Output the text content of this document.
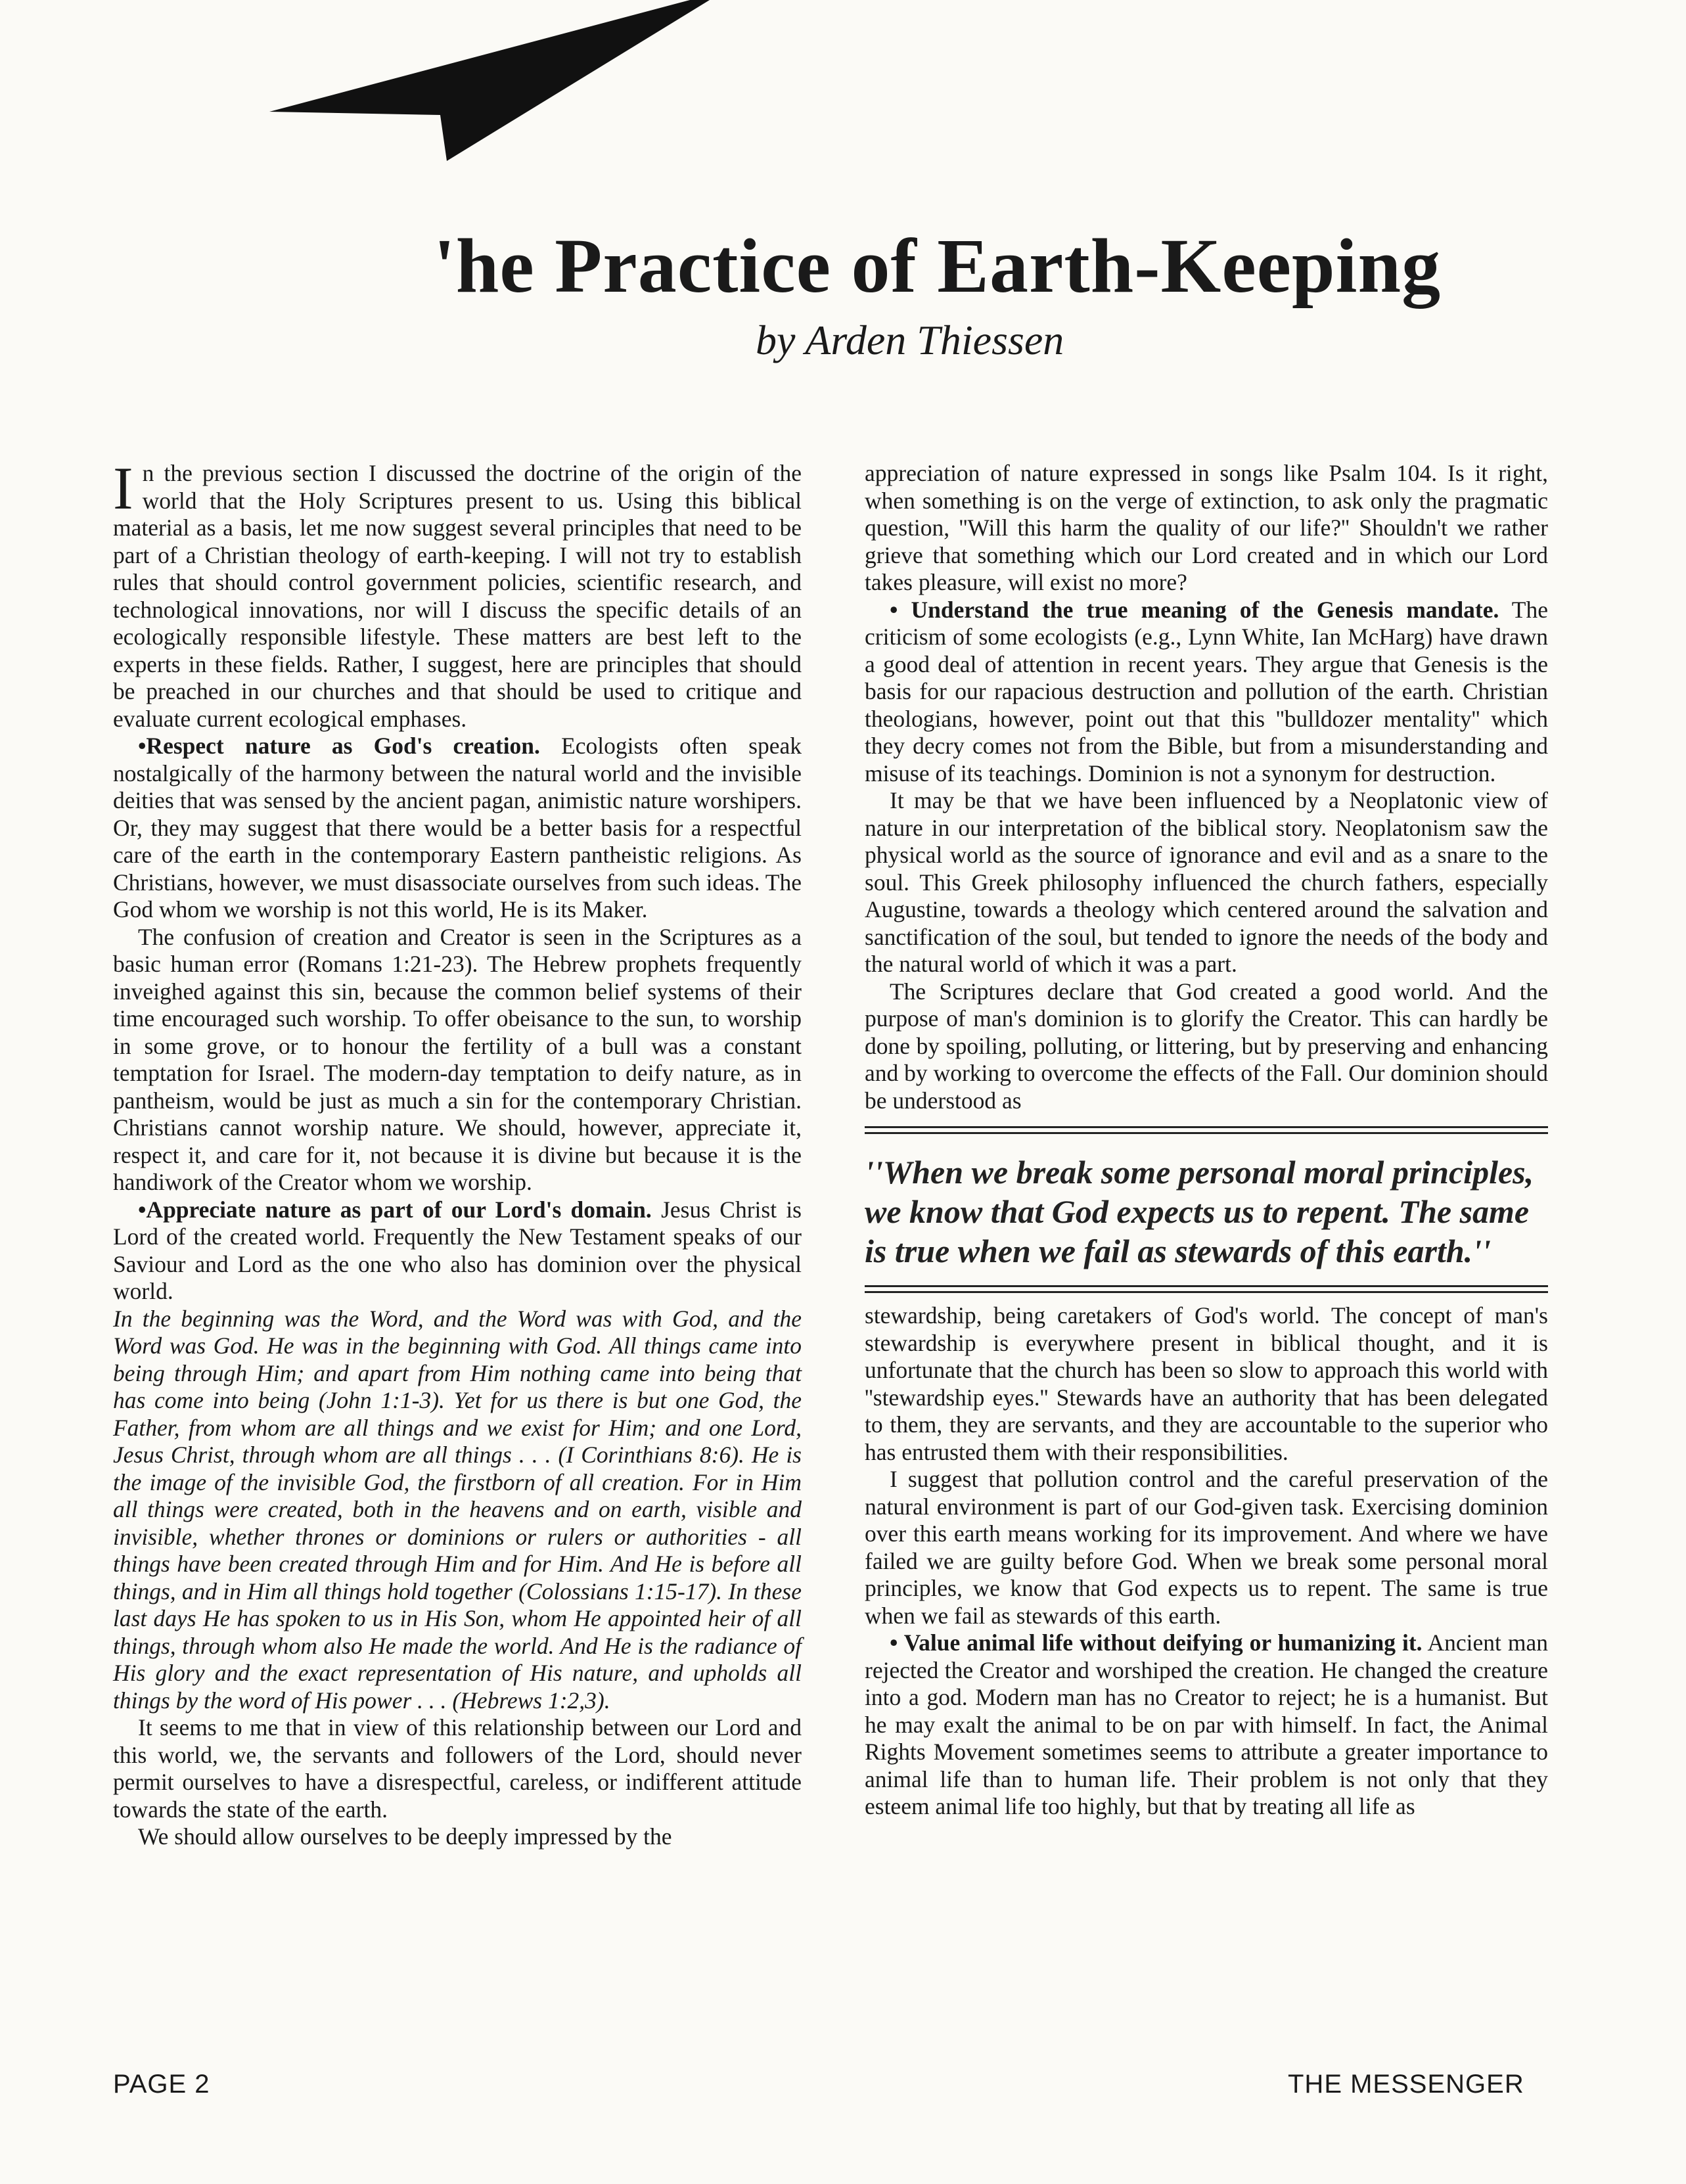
'he Practice of Earth-Keeping

by Arden Thiessen

In the previous section I discussed the doctrine of the origin of the world that the Holy Scriptures present to us. Using this biblical material as a basis, let me now suggest several principles that need to be part of a Christian theology of earth-keeping. I will not try to establish rules that should control government policies, scientific research, and technological innovations, nor will I discuss the specific details of an ecologically responsible lifestyle. These matters are best left to the experts in these fields. Rather, I suggest, here are principles that should be preached in our churches and that should be used to critique and evaluate current ecological emphases.

•Respect nature as God's creation. Ecologists often speak nostalgically of the harmony between the natural world and the invisible deities that was sensed by the ancient pagan, animistic nature worshipers. Or, they may suggest that there would be a better basis for a respectful care of the earth in the contemporary Eastern pantheistic religions. As Christians, however, we must disassociate ourselves from such ideas. The God whom we worship is not this world, He is its Maker.

The confusion of creation and Creator is seen in the Scriptures as a basic human error (Romans 1:21-23). The Hebrew prophets frequently inveighed against this sin, because the common belief systems of their time encouraged such worship. To offer obeisance to the sun, to worship in some grove, or to honour the fertility of a bull was a constant temptation for Israel. The modern-day temptation to deify nature, as in pantheism, would be just as much a sin for the contemporary Christian. Christians cannot worship nature. We should, however, appreciate it, respect it, and care for it, not because it is divine but because it is the handiwork of the Creator whom we worship.

•Appreciate nature as part of our Lord's domain. Jesus Christ is Lord of the created world. Frequently the New Testament speaks of our Saviour and Lord as the one who also has dominion over the physical world.

In the beginning was the Word, and the Word was with God, and the Word was God. He was in the beginning with God. All things came into being through Him; and apart from Him nothing came into being that has come into being (John 1:1-3). Yet for us there is but one God, the Father, from whom are all things and we exist for Him; and one Lord, Jesus Christ, through whom are all things . . . (I Corinthians 8:6). He is the image of the invisible God, the firstborn of all creation. For in Him all things were created, both in the heavens and on earth, visible and invisible, whether thrones or dominions or rulers or authorities - all things have been created through Him and for Him. And He is before all things, and in Him all things hold together (Colossians 1:15-17). In these last days He has spoken to us in His Son, whom He appointed heir of all things, through whom also He made the world. And He is the radiance of His glory and the exact representation of His nature, and upholds all things by the word of His power . . . (Hebrews 1:2,3).

It seems to me that in view of this relationship between our Lord and this world, we, the servants and followers of the Lord, should never permit ourselves to have a disrespectful, careless, or indifferent attitude towards the state of the earth.

We should allow ourselves to be deeply impressed by the

appreciation of nature expressed in songs like Psalm 104. Is it right, when something is on the verge of extinction, to ask only the pragmatic question, ''Will this harm the quality of our life?'' Shouldn't we rather grieve that something which our Lord created and in which our Lord takes pleasure, will exist no more?

• Understand the true meaning of the Genesis mandate. The criticism of some ecologists (e.g., Lynn White, Ian McHarg) have drawn a good deal of attention in recent years. They argue that Genesis is the basis for our rapacious destruction and pollution of the earth. Christian theologians, however, point out that this ''bulldozer mentality'' which they decry comes not from the Bible, but from a misunderstanding and misuse of its teachings. Dominion is not a synonym for destruction.

It may be that we have been influenced by a Neoplatonic view of nature in our interpretation of the biblical story. Neoplatonism saw the physical world as the source of ignorance and evil and as a snare to the soul. This Greek philosophy influenced the church fathers, especially Augustine, towards a theology which centered around the salvation and sanctification of the soul, but tended to ignore the needs of the body and the natural world of which it was a part.

The Scriptures declare that God created a good world. And the purpose of man's dominion is to glorify the Creator. This can hardly be done by spoiling, polluting, or littering, but by preserving and enhancing and by working to overcome the effects of the Fall. Our dominion should be understood as

''When we break some personal moral principles, we know that God expects us to repent. The same is true when we fail as stewards of this earth.''

stewardship, being caretakers of God's world. The concept of man's stewardship is everywhere present in biblical thought, and it is unfortunate that the church has been so slow to approach this world with ''stewardship eyes.'' Stewards have an authority that has been delegated to them, they are servants, and they are accountable to the superior who has entrusted them with their responsibilities.

I suggest that pollution control and the careful preservation of the natural environment is part of our God-given task. Exercising dominion over this earth means working for its improvement. And where we have failed we are guilty before God. When we break some personal moral principles, we know that God expects us to repent. The same is true when we fail as stewards of this earth.

• Value animal life without deifying or humanizing it. Ancient man rejected the Creator and worshiped the creation. He changed the creature into a god. Modern man has no Creator to reject; he is a humanist. But he may exalt the animal to be on par with himself. In fact, the Animal Rights Movement sometimes seems to attribute a greater importance to animal life than to human life. Their problem is not only that they esteem animal life too highly, but that by treating all life as

PAGE 2	THE MESSENGER
